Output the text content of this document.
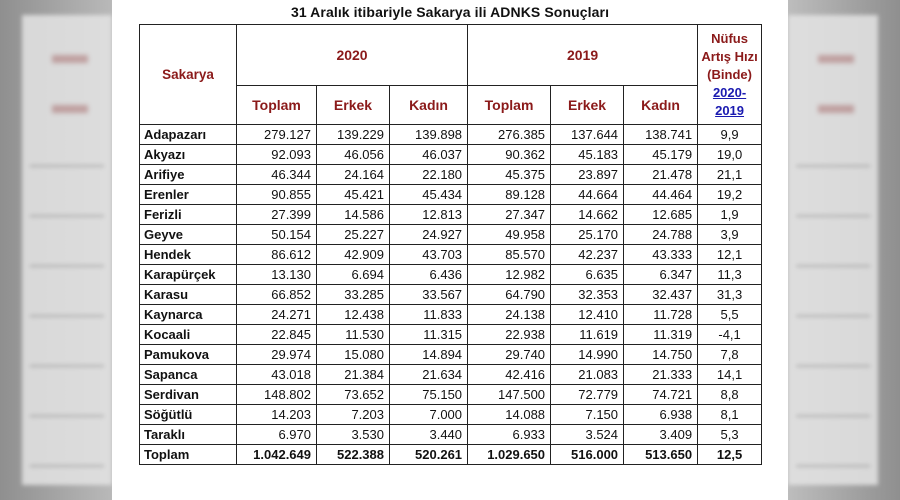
31 Aralık itibariyle Sakarya ili ADNKS Sonuçları
Sakarya	2020			2019			Nüfus
Artış Hızı
(Binde)
2020-2019

	Toplam	Erkek	Kadın	Toplam	Erkek	Kadın	
Adapazarı	279.127	139.229	139.898	276.385	137.644	138.741	9,9
Akyazı	92.093	46.056	46.037	90.362	45.183	45.179	19,0
Arifiye	46.344	24.164	22.180	45.375	23.897	21.478	21,1
Erenler	90.855	45.421	45.434	89.128	44.664	44.464	19,2
Ferizli	27.399	14.586	12.813	27.347	14.662	12.685	1,9
Geyve	50.154	25.227	24.927	49.958	25.170	24.788	3,9
Hendek	86.612	42.909	43.703	85.570	42.237	43.333	12,1
Karapürçek	13.130	6.694	6.436	12.982	6.635	6.347	11,3
Karasu	66.852	33.285	33.567	64.790	32.353	32.437	31,3
Kaynarca	24.271	12.438	11.833	24.138	12.410	11.728	5,5
Kocaali	22.845	11.530	11.315	22.938	11.619	11.319	-4,1
Pamukova	29.974	15.080	14.894	29.740	14.990	14.750	7,8
Sapanca	43.018	21.384	21.634	42.416	21.083	21.333	14,1
Serdivan	148.802	73.652	75.150	147.500	72.779	74.721	8,8
Söğütlü	14.203	7.203	7.000	14.088	7.150	6.938	8,1
Taraklı	6.970	3.530	3.440	6.933	3.524	3.409	5,3
Toplam	1.042.649	522.388	520.261	1.029.650	516.000	513.650	12,5
